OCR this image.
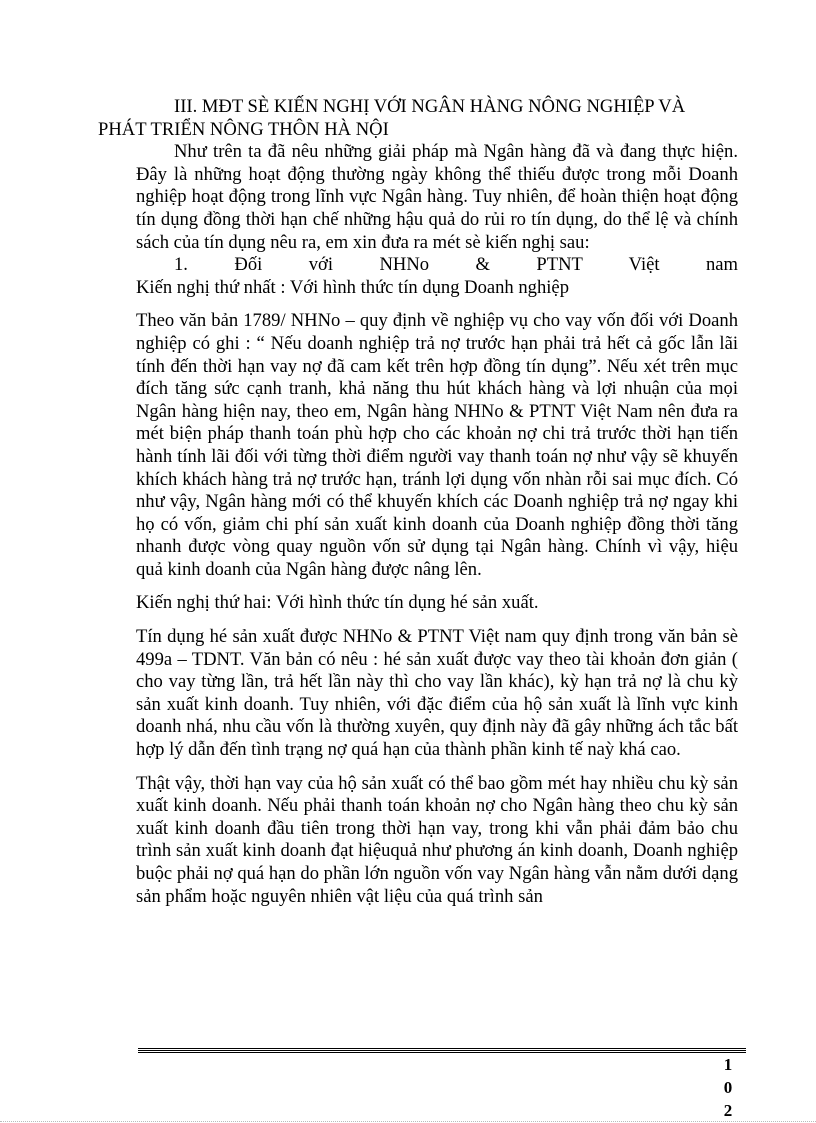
III. MÐT SÈ KIẾN NGHỊ VỚI NGÂN HÀNG NÔNG NGHIỆP VÀ
PHÁT TRIỂN NÔNG THÔN HÀ NỘI

Như trên ta đã nêu những giải pháp mà Ngân hàng đã và đang thực hiện. Đây là những hoạt động thường ngày không thể thiếu được trong mỗi Doanh nghiệp hoạt động trong lĩnh vực Ngân hàng. Tuy nhiên, để hoàn thiện hoạt động tín dụng đồng thời hạn chế những hậu quả do rủi ro tín dụng, do thể lệ và chính sách của tín dụng nêu ra, em xin đưa ra mét sè kiến nghị sau:

1. Đối với NHNo & PTNT Việt nam

Kiến nghị thứ nhất : Với hình thức tín dụng Doanh nghiệp

Theo văn bản 1789/ NHNo – quy định về nghiệp vụ cho vay vốn đối với Doanh nghiệp có ghi : “ Nếu doanh nghiệp trả nợ trước hạn phải trả hết cả gốc lẫn lãi tính đến thời hạn vay nợ đã cam kết trên hợp đồng tín dụng”. Nếu xét trên mục đích tăng sức cạnh tranh, khả năng thu hút khách hàng và lợi nhuận của mọi Ngân hàng hiện nay, theo em, Ngân hàng NHNo & PTNT Việt Nam nên đưa ra mét biện pháp thanh toán phù hợp cho các khoản nợ chi trả trước thời hạn tiến hành tính lãi đối với từng thời điểm người vay thanh toán nợ như vậy sẽ khuyến khích khách hàng trả nợ trước hạn, tránh lợi dụng vốn nhàn rỗi sai mục đích. Có như vậy, Ngân hàng mới có thể khuyến khích các Doanh nghiệp trả nợ ngay khi họ có vốn, giảm chi phí sản xuất kinh doanh của Doanh nghiệp đồng thời tăng nhanh được vòng quay nguồn vốn sử dụng tại Ngân hàng. Chính vì vậy, hiệu quả kinh doanh của Ngân hàng được nâng lên.

Kiến nghị thứ hai: Với hình thức tín dụng hé sản xuất.

Tín dụng hé sản xuất được NHNo & PTNT Việt nam quy định trong văn bản sè 499a – TDNT. Văn bản có nêu : hé sản xuất được vay theo tài khoản đơn giản ( cho vay từng lần, trả hết lần này thì cho vay lần khác), kỳ hạn trả nợ là chu kỳ sản xuất kinh doanh. Tuy nhiên, với đặc điểm của hộ sản xuất là lĩnh vực kinh doanh nhá, nhu cầu vốn là thường xuyên, quy định này đã gây những ách tắc bất hợp lý dẫn đến tình trạng nợ quá hạn của thành phần kinh tế naỳ khá cao.

Thật vậy, thời hạn vay của hộ sản xuất có thể bao gồm mét hay nhiều chu kỳ sản xuất kinh doanh. Nếu phải thanh toán khoản nợ cho Ngân hàng theo chu kỳ sản xuất kinh doanh đầu tiên trong thời hạn vay, trong khi vẫn phải đảm bảo chu trình sản xuất kinh doanh đạt hiệuquả như phương án kinh doanh, Doanh nghiệp buộc phải nợ quá hạn do phần lớn nguồn vốn vay Ngân hàng vẫn nằm dưới dạng sản phẩm hoặc nguyên nhiên vật liệu của quá trình sản

1
0
2
